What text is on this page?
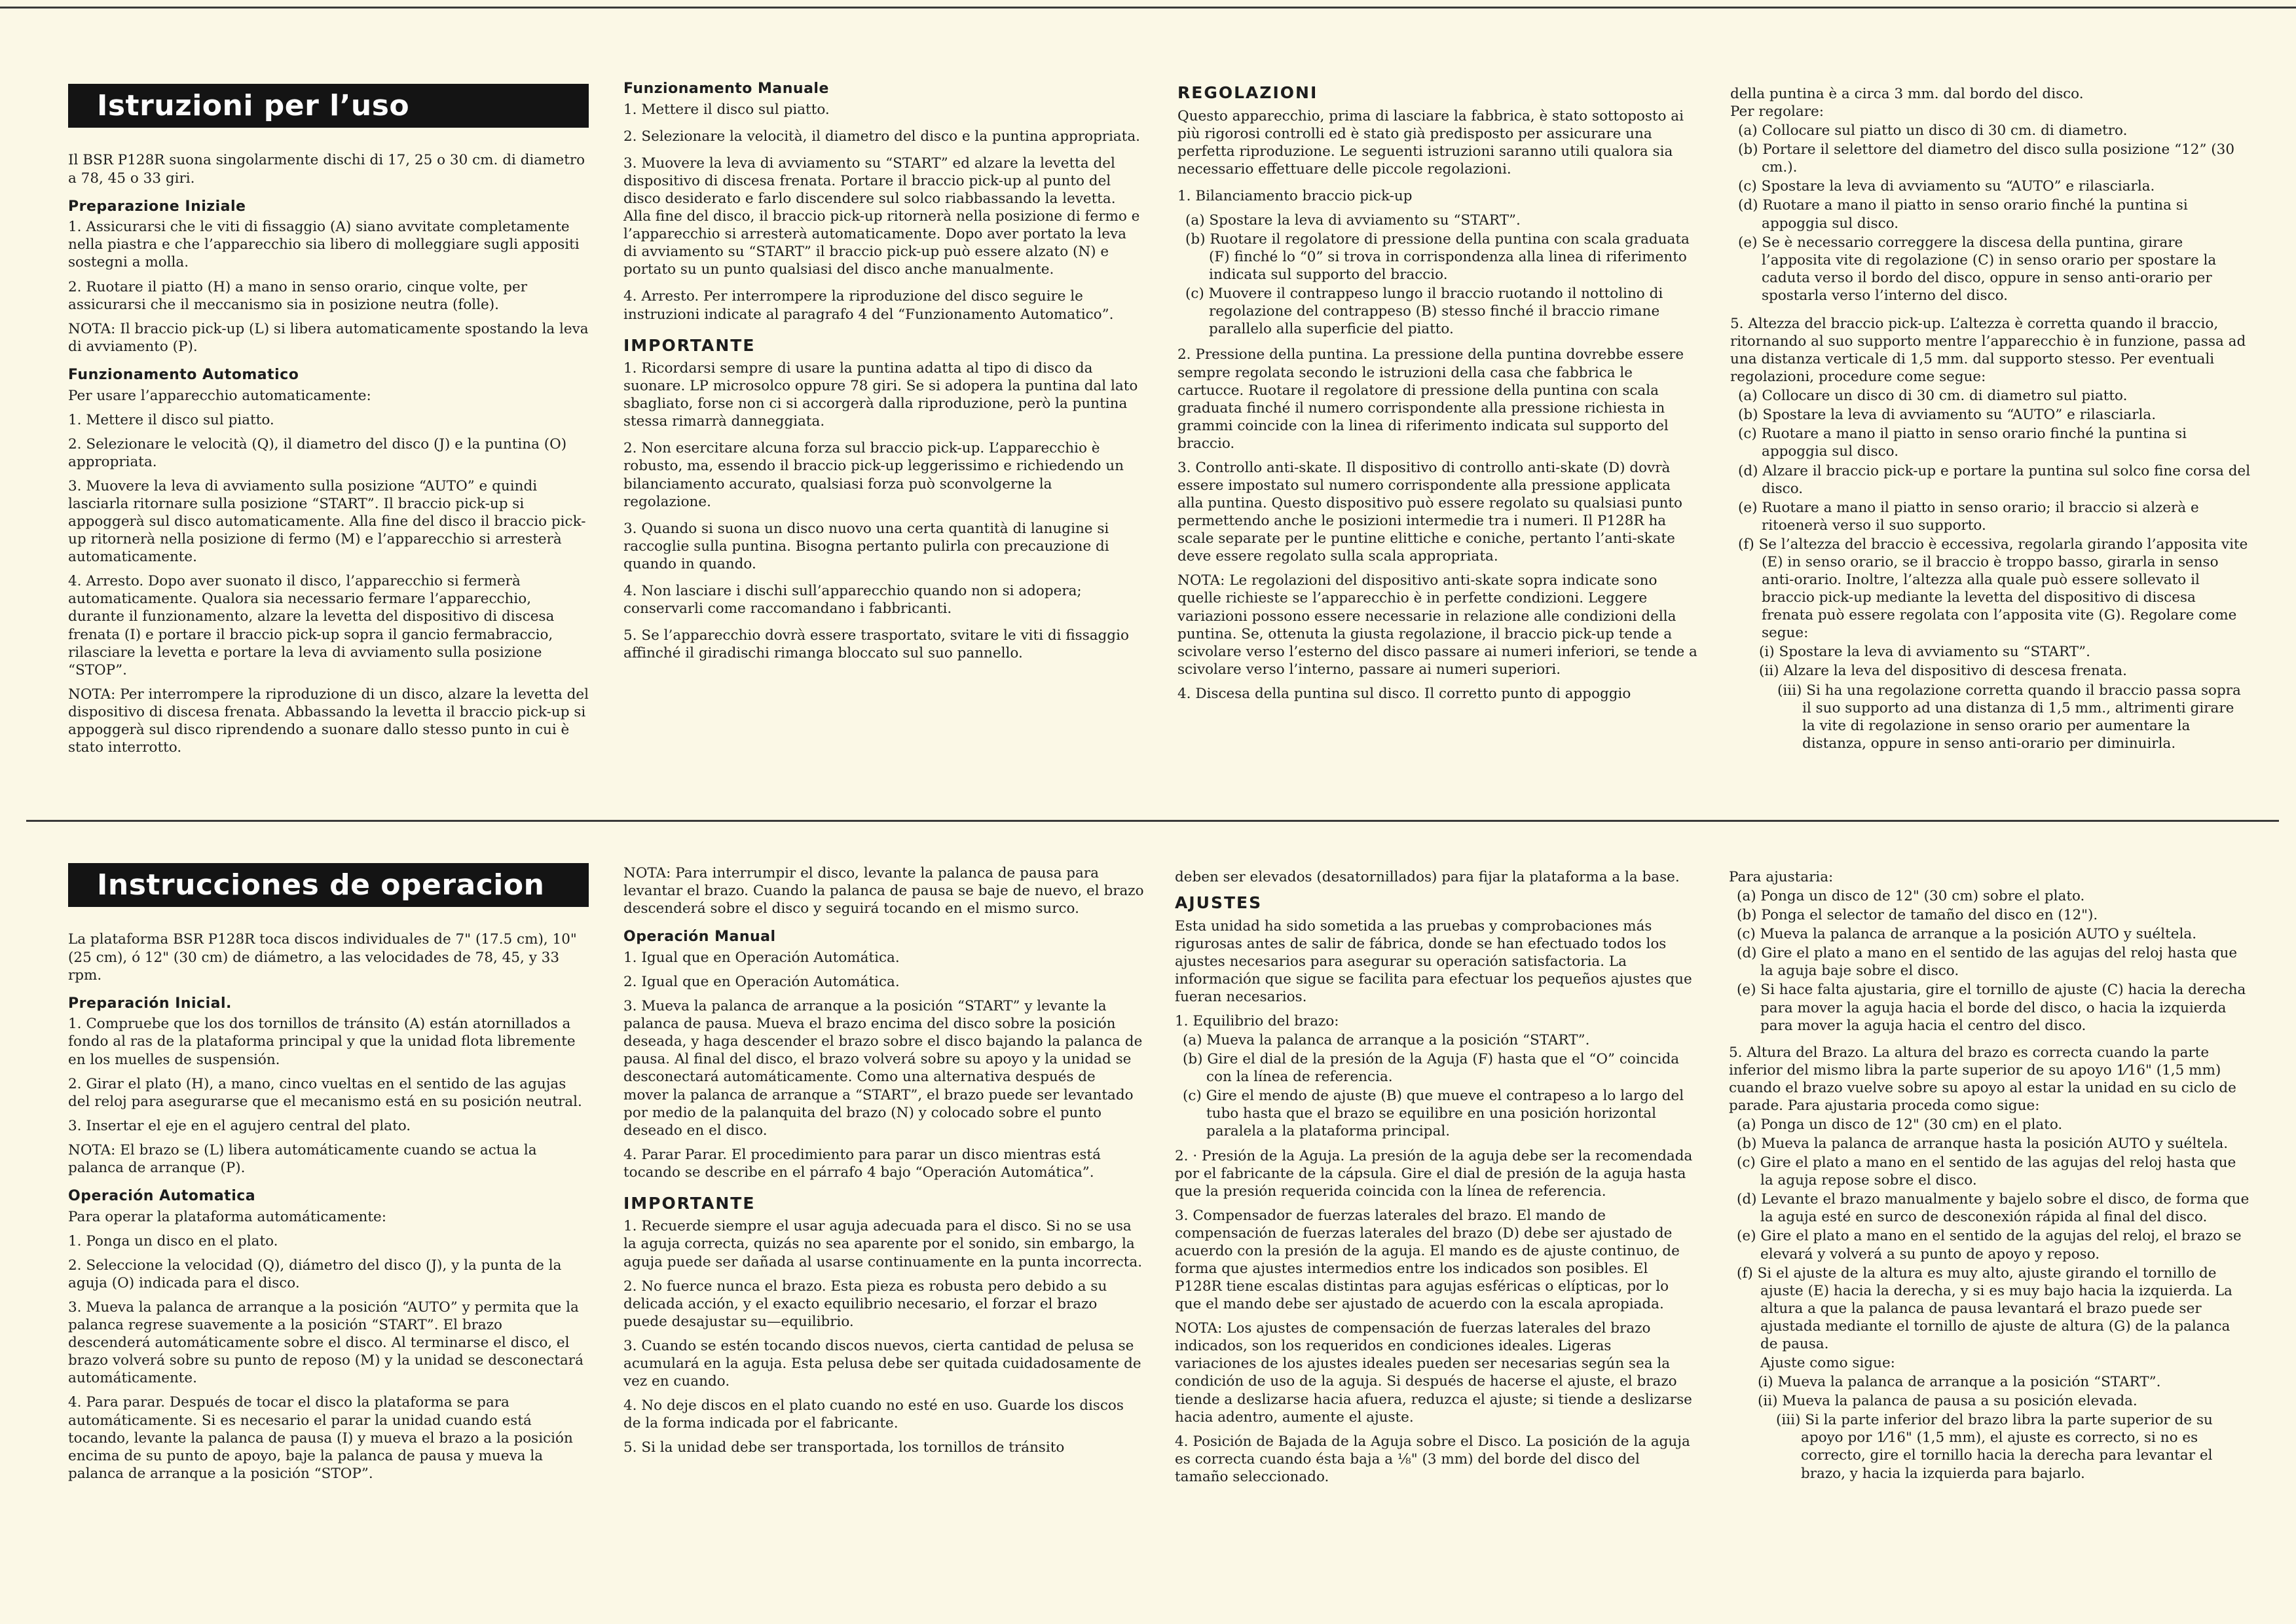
Istruzioni per l’uso

Il BSR P128R suona singolarmente dischi di 17, 25 o 30 cm. di diametro a 78, 45 o 33 giri.

Preparazione Iniziale

1. Assicurarsi che le viti di fissaggio (A) siano avvitate completamente nella piastra e che l’apparecchio sia libero di molleggiare sugli appositi sostegni a molla.

2. Ruotare il piatto (H) a mano in senso orario, cinque volte, per assicurarsi che il meccanismo sia in posizione neutra (folle).

NOTA: Il braccio pick-up (L) si libera automaticamente spostando la leva di avviamento (P).

Funzionamento Automatico

Per usare l’apparecchio automaticamente:

1. Mettere il disco sul piatto.

2. Selezionare le velocità (Q), il diametro del disco (J) e la puntina (O) appropriata.

3. Muovere la leva di avviamento sulla posizione “AUTO” e quindi lasciarla ritornare sulla posizione “START”. Il braccio pick-up si appoggerà sul disco automaticamente. Alla fine del disco il braccio pick-up ritornerà nella posizione di fermo (M) e l’apparecchio si arresterà automaticamente.

4. Arresto. Dopo aver suonato il disco, l’apparecchio si fermerà automaticamente. Qualora sia necessario fermare l’apparecchio, durante il funzionamento, alzare la levetta del dispositivo di discesa frenata (I) e portare il braccio pick-up sopra il gancio fermabraccio, rilasciare la levetta e portare la leva di avviamento sulla posizione “STOP”.

NOTA: Per interrompere la riproduzione di un disco, alzare la levetta del dispositivo di discesa frenata. Abbassando la levetta il braccio pick-up si appoggerà sul disco riprendendo a suonare dallo stesso punto in cui è stato interrotto.

Funzionamento Manuale

1. Mettere il disco sul piatto.

2. Selezionare la velocità, il diametro del disco e la puntina appropriata.

3. Muovere la leva di avviamento su “START” ed alzare la levetta del dispositivo di discesa frenata. Portare il braccio pick-up al punto del disco desiderato e farlo discendere sul solco riabbassando la levetta. Alla fine del disco, il braccio pick-up ritornerà nella posizione di fermo e l’apparecchio si arresterà automaticamente. Dopo aver portato la leva di avviamento su “START” il braccio pick-up può essere alzato (N) e portato su un punto qualsiasi del disco anche manualmente.

4. Arresto. Per interrompere la riproduzione del disco seguire le instruzioni indicate al paragrafo 4 del “Funzionamento Automatico”.

IMPORTANTE

1. Ricordarsi sempre di usare la puntina adatta al tipo di disco da suonare. LP microsolco oppure 78 giri. Se si adopera la puntina dal lato sbagliato, forse non ci si accorgerà dalla riproduzione, però la puntina stessa rimarrà danneggiata.

2. Non esercitare alcuna forza sul braccio pick-up. L’apparecchio è robusto, ma, essendo il braccio pick-up leggerissimo e richiedendo un bilanciamento accurato, qualsiasi forza può sconvolgerne la regolazione.

3. Quando si suona un disco nuovo una certa quantità di lanugine si raccoglie sulla puntina. Bisogna pertanto pulirla con precauzione di quando in quando.

4. Non lasciare i dischi sull’apparecchio quando non si adopera; conservarli come raccomandano i fabbricanti.

5. Se l’apparecchio dovrà essere trasportato, svitare le viti di fissaggio affinché il giradischi rimanga bloccato sul suo pannello.

REGOLAZIONI

Questo apparecchio, prima di lasciare la fabbrica, è stato sottoposto ai più rigorosi controlli ed è stato già predisposto per assicurare una perfetta riproduzione. Le seguenti istruzioni saranno utili qualora sia necessario effettuare delle piccole regolazioni.

1. Bilanciamento braccio pick-up

(a) Spostare la leva di avviamento su “START”.

(b) Ruotare il regolatore di pressione della puntina con scala graduata (F) finché lo “0” si trova in corrispondenza alla linea di riferimento indicata sul supporto del braccio.

(c) Muovere il contrappeso lungo il braccio ruotando il nottolino di regolazione del contrappeso (B) stesso finché il braccio rimane parallelo alla superficie del piatto.

2. Pressione della puntina. La pressione della puntina dovrebbe essere sempre regolata secondo le istruzioni della casa che fabbrica le cartucce. Ruotare il regolatore di pressione della puntina con scala graduata finché il numero corrispondente alla pressione richiesta in grammi coincide con la linea di riferimento indicata sul supporto del braccio.

3. Controllo anti-skate. Il dispositivo di controllo anti-skate (D) dovrà essere impostato sul numero corrispondente alla pressione applicata alla puntina. Questo dispositivo può essere regolato su qualsiasi punto permettendo anche le posizioni intermedie tra i numeri. Il P128R ha scale separate per le puntine elittiche e coniche, pertanto l’anti-skate deve essere regolato sulla scala appropriata.

NOTA: Le regolazioni del dispositivo anti-skate sopra indicate sono quelle richieste se l’apparecchio è in perfette condizioni. Leggere variazioni possono essere necessarie in relazione alle condizioni della puntina. Se, ottenuta la giusta regolazione, il braccio pick-up tende a scivolare verso l’esterno del disco passare ai numeri inferiori, se tende a scivolare verso l’interno, passare ai numeri superiori.

4. Discesa della puntina sul disco. Il corretto punto di appoggio

della puntina è a circa 3 mm. dal bordo del disco.

Per regolare:

(a) Collocare sul piatto un disco di 30 cm. di diametro.

(b) Portare il selettore del diametro del disco sulla posizione “12” (30 cm.).

(c) Spostare la leva di avviamento su “AUTO” e rilasciarla.

(d) Ruotare a mano il piatto in senso orario finché la puntina si appoggia sul disco.

(e) Se è necessario correggere la discesa della puntina, girare l’apposita vite di regolazione (C) in senso orario per spostare la caduta verso il bordo del disco, oppure in senso anti-orario per spostarla verso l’interno del disco.

5. Altezza del braccio pick-up. L’altezza è corretta quando il braccio, ritornando al suo supporto mentre l’apparecchio è in funzione, passa ad una distanza verticale di 1,5 mm. dal supporto stesso. Per eventuali regolazioni, procedure come segue:

(a) Collocare un disco di 30 cm. di diametro sul piatto.

(b) Spostare la leva di avviamento su “AUTO” e rilasciarla.

(c) Ruotare a mano il piatto in senso orario finché la puntina si appoggia sul disco.

(d) Alzare il braccio pick-up e portare la puntina sul solco fine corsa del disco.

(e) Ruotare a mano il piatto in senso orario; il braccio si alzerà e ritoenerà verso il suo supporto.

(f) Se l’altezza del braccio è eccessiva, regolarla girando l’apposita vite (E) in senso orario, se il braccio è troppo basso, girarla in senso anti-orario. Inoltre, l’altezza alla quale può essere sollevato il braccio pick-up mediante la levetta del dispositivo di discesa frenata può essere regolata con l’apposita vite (G). Regolare come segue:

(i) Spostare la leva di avviamento su “START”.

(ii) Alzare la leva del dispositivo di descesa frenata.

(iii) Si ha una regolazione corretta quando il braccio passa sopra il suo supporto ad una distanza di 1,5 mm., altrimenti girare la vite di regolazione in senso orario per aumentare la distanza, oppure in senso anti-orario per diminuirla.

Instrucciones de operacion

La plataforma BSR P128R toca discos individuales de 7" (17.5 cm), 10" (25 cm), ó 12" (30 cm) de diámetro, a las velocidades de 78, 45, y 33 rpm.

Preparación Inicial.

1. Compruebe que los dos tornillos de tránsito (A) están atornillados a fondo al ras de la plataforma principal y que la unidad flota libremente en los muelles de suspensión.

2. Girar el plato (H), a mano, cinco vueltas en el sentido de las agujas del reloj para asegurarse que el mecanismo está en su posición neutral.

3. Insertar el eje en el agujero central del plato.

NOTA: El brazo se (L) libera automáticamente cuando se actua la palanca de arranque (P).

Operación Automatica

Para operar la plataforma automáticamente:

1. Ponga un disco en el plato.

2. Seleccione la velocidad (Q), diámetro del disco (J), y la punta de la aguja (O) indicada para el disco.

3. Mueva la palanca de arranque a la posición “AUTO” y permita que la palanca regrese suavemente a la posición “START”. El brazo descenderá automáticamente sobre el disco. Al terminarse el disco, el brazo volverá sobre su punto de reposo (M) y la unidad se desconectará automáticamente.

4. Para parar. Después de tocar el disco la plataforma se para automáticamente. Si es necesario el parar la unidad cuando está tocando, levante la palanca de pausa (I) y mueva el brazo a la posición encima de su punto de apoyo, baje la palanca de pausa y mueva la palanca de arranque a la posición “STOP”.

NOTA: Para interrumpir el disco, levante la palanca de pausa para levantar el brazo. Cuando la palanca de pausa se baje de nuevo, el brazo descenderá sobre el disco y seguirá tocando en el mismo surco.

Operación Manual

1. Igual que en Operación Automática.

2. Igual que en Operación Automática.

3. Mueva la palanca de arranque a la posición “START” y levante la palanca de pausa. Mueva el brazo encima del disco sobre la posición deseada, y haga descender el brazo sobre el disco bajando la palanca de pausa. Al final del disco, el brazo volverá sobre su apoyo y la unidad se desconectará automáticamente. Como una alternativa después de mover la palanca de arranque a “START”, el brazo puede ser levantado por medio de la palanquita del brazo (N) y colocado sobre el punto deseado en el disco.

4. Parar Parar. El procedimiento para parar un disco mientras está tocando se describe en el párrafo 4 bajo “Operación Automática”.

IMPORTANTE

1. Recuerde siempre el usar aguja adecuada para el disco. Si no se usa la aguja correcta, quizás no sea aparente por el sonido, sin embargo, la aguja puede ser dañada al usarse continuamente en la punta incorrecta.

2. No fuerce nunca el brazo. Esta pieza es robusta pero debido a su delicada acción, y el exacto equilibrio necesario, el forzar el brazo puede desajustar su—equilibrio.

3. Cuando se estén tocando discos nuevos, cierta cantidad de pelusa se acumulará en la aguja. Esta pelusa debe ser quitada cuidadosamente de vez en cuando.

4. No deje discos en el plato cuando no esté en uso. Guarde los discos de la forma indicada por el fabricante.

5. Si la unidad debe ser transportada, los tornillos de tránsito

deben ser elevados (desatornillados) para fijar la plataforma a la base.

AJUSTES

Esta unidad ha sido sometida a las pruebas y comprobaciones más rigurosas antes de salir de fábrica, donde se han efectuado todos los ajustes necesarios para asegurar su operación satisfactoria. La información que sigue se facilita para efectuar los pequeños ajustes que fueran necesarios.

1. Equilibrio del brazo:

(a) Mueva la palanca de arranque a la posición “START”.

(b) Gire el dial de la presión de la Aguja (F) hasta que el “O” coincida con la línea de referencia.

(c) Gire el mendo de ajuste (B) que mueve el contrapeso a lo largo del tubo hasta que el brazo se equilibre en una posición horizontal paralela a la plataforma principal.

2. · Presión de la Aguja. La presión de la aguja debe ser la recomendada por el fabricante de la cápsula. Gire el dial de presión de la aguja hasta que la presión requerida coincida con la línea de referencia.

3. Compensador de fuerzas laterales del brazo. El mando de compensación de fuerzas laterales del brazo (D) debe ser ajustado de acuerdo con la presión de la aguja. El mando es de ajuste continuo, de forma que ajustes intermedios entre los indicados son posibles. El P128R tiene escalas distintas para agujas esféricas o elípticas, por lo que el mando debe ser ajustado de acuerdo con la escala apropiada.

NOTA: Los ajustes de compensación de fuerzas laterales del brazo indicados, son los requeridos en condiciones ideales. Ligeras variaciones de los ajustes ideales pueden ser necesarias según sea la condición de uso de la aguja. Si después de hacerse el ajuste, el brazo tiende a deslizarse hacia afuera, reduzca el ajuste; si tiende a deslizarse hacia adentro, aumente el ajuste.

4. Posición de Bajada de la Aguja sobre el Disco. La posición de la aguja es correcta cuando ésta baja a ⅛" (3 mm) del borde del disco del tamaño seleccionado.

Para ajustaria:

(a) Ponga un disco de 12" (30 cm) sobre el plato.

(b) Ponga el selector de tamaño del disco en (12").

(c) Mueva la palanca de arranque a la posición AUTO y suéltela.

(d) Gire el plato a mano en el sentido de las agujas del reloj hasta que la aguja baje sobre el disco.

(e) Si hace falta ajustaria, gire el tornillo de ajuste (C) hacia la derecha para mover la aguja hacia el borde del disco, o hacia la izquierda para mover la aguja hacia el centro del disco.

5. Altura del Brazo. La altura del brazo es correcta cuando la parte inferior del mismo libra la parte superior de su apoyo 1⁄16" (1,5 mm) cuando el brazo vuelve sobre su apoyo al estar la unidad en su ciclo de parade. Para ajustaria proceda como sigue:

(a) Ponga un disco de 12" (30 cm) en el plato.

(b) Mueva la palanca de arranque hasta la posición AUTO y suéltela.

(c) Gire el plato a mano en el sentido de las agujas del reloj hasta que la aguja repose sobre el disco.

(d) Levante el brazo manualmente y bajelo sobre el disco, de forma que la aguja esté en surco de desconexión rápida al final del disco.

(e) Gire el plato a mano en el sentido de la agujas del reloj, el brazo se elevará y volverá a su punto de apoyo y reposo.

(f) Si el ajuste de la altura es muy alto, ajuste girando el tornillo de ajuste (E) hacia la derecha, y si es muy bajo hacia la izquierda. La altura a que la palanca de pausa levantará el brazo puede ser ajustada mediante el tornillo de ajuste de altura (G) de la palanca de pausa.

Ajuste como sigue:

(i) Mueva la palanca de arranque a la posición “START”.

(ii) Mueva la palanca de pausa a su posición elevada.

(iii) Si la parte inferior del brazo libra la parte superior de su apoyo por 1⁄16" (1,5 mm), el ajuste es correcto, si no es correcto, gire el tornillo hacia la derecha para levantar el brazo, y hacia la izquierda para bajarlo.
